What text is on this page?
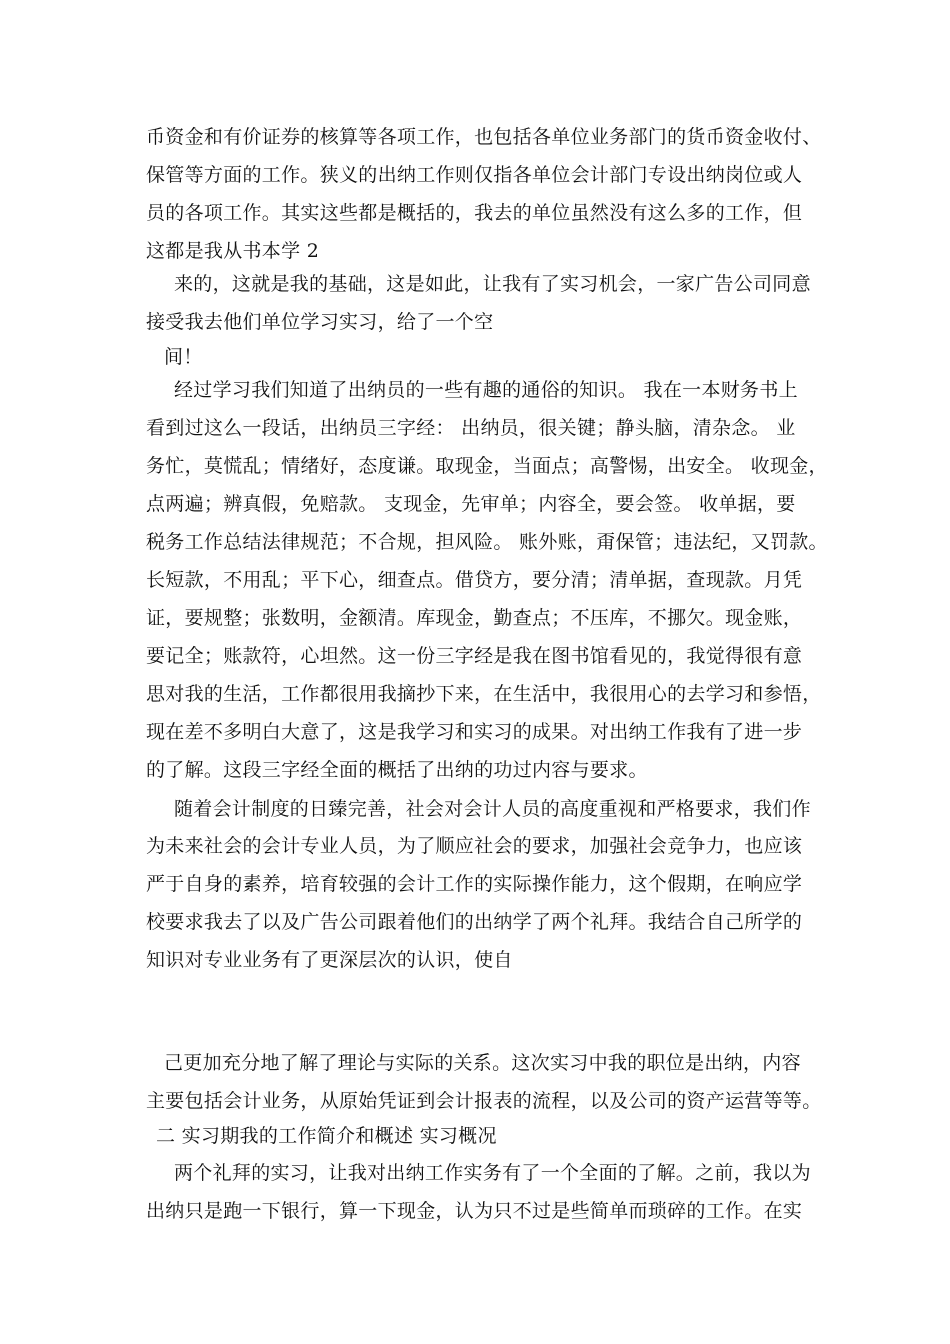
币资金和有价证券的核算等各项工作，也包括各单位业务部门的货币资金收付、
保管等方面的工作。狭义的出纳工作则仅指各单位会计部门专设出纳岗位或人
员的各项工作。其实这些都是概括的，我去的单位虽然没有这么多的工作，但
这都是我从书本学 2
来的，这就是我的基础，这是如此，让我有了实习机会，一家广告公司同意
接受我去他们单位学习实习，给了一个空
间！
经过学习我们知道了出纳员的一些有趣的通俗的知识。 我在一本财务书上
看到过这么一段话，出纳员三字经： 出纳员，很关键；静头脑，清杂念。 业
务忙，莫慌乱；情绪好，态度谦。取现金，当面点；高警惕，出安全。 收现金，
点两遍；辨真假，免赔款。 支现金，先审单；内容全，要会签。 收单据，要
税务工作总结法律规范；不合规，担风险。 账外账，甭保管；违法纪，又罚款。
长短款，不用乱；平下心，细查点。借贷方，要分清；清单据，查现款。月凭
证，要规整；张数明，金额清。库现金，勤查点；不压库，不挪欠。现金账，
要记全；账款符，心坦然。这一份三字经是我在图书馆看见的，我觉得很有意
思对我的生活，工作都很用我摘抄下来，在生活中，我很用心的去学习和参悟，
现在差不多明白大意了，这是我学习和实习的成果。对出纳工作我有了进一步
的了解。这段三字经全面的概括了出纳的功过内容与要求。
随着会计制度的日臻完善，社会对会计人员的高度重视和严格要求，我们作
为未来社会的会计专业人员，为了顺应社会的要求，加强社会竞争力，也应该
严于自身的素养，培育较强的会计工作的实际操作能力，这个假期，在响应学
校要求我去了以及广告公司跟着他们的出纳学了两个礼拜。我结合自己所学的
知识对专业业务有了更深层次的认识，使自
己更加充分地了解了理论与实际的关系。这次实习中我的职位是出纳，内容
主要包括会计业务，从原始凭证到会计报表的流程，以及公司的资产运营等等。
二 实习期我的工作简介和概述 实习概况
两个礼拜的实习，让我对出纳工作实务有了一个全面的了解。之前，我以为
出纳只是跑一下银行，算一下现金，认为只不过是些简单而琐碎的工作。在实
